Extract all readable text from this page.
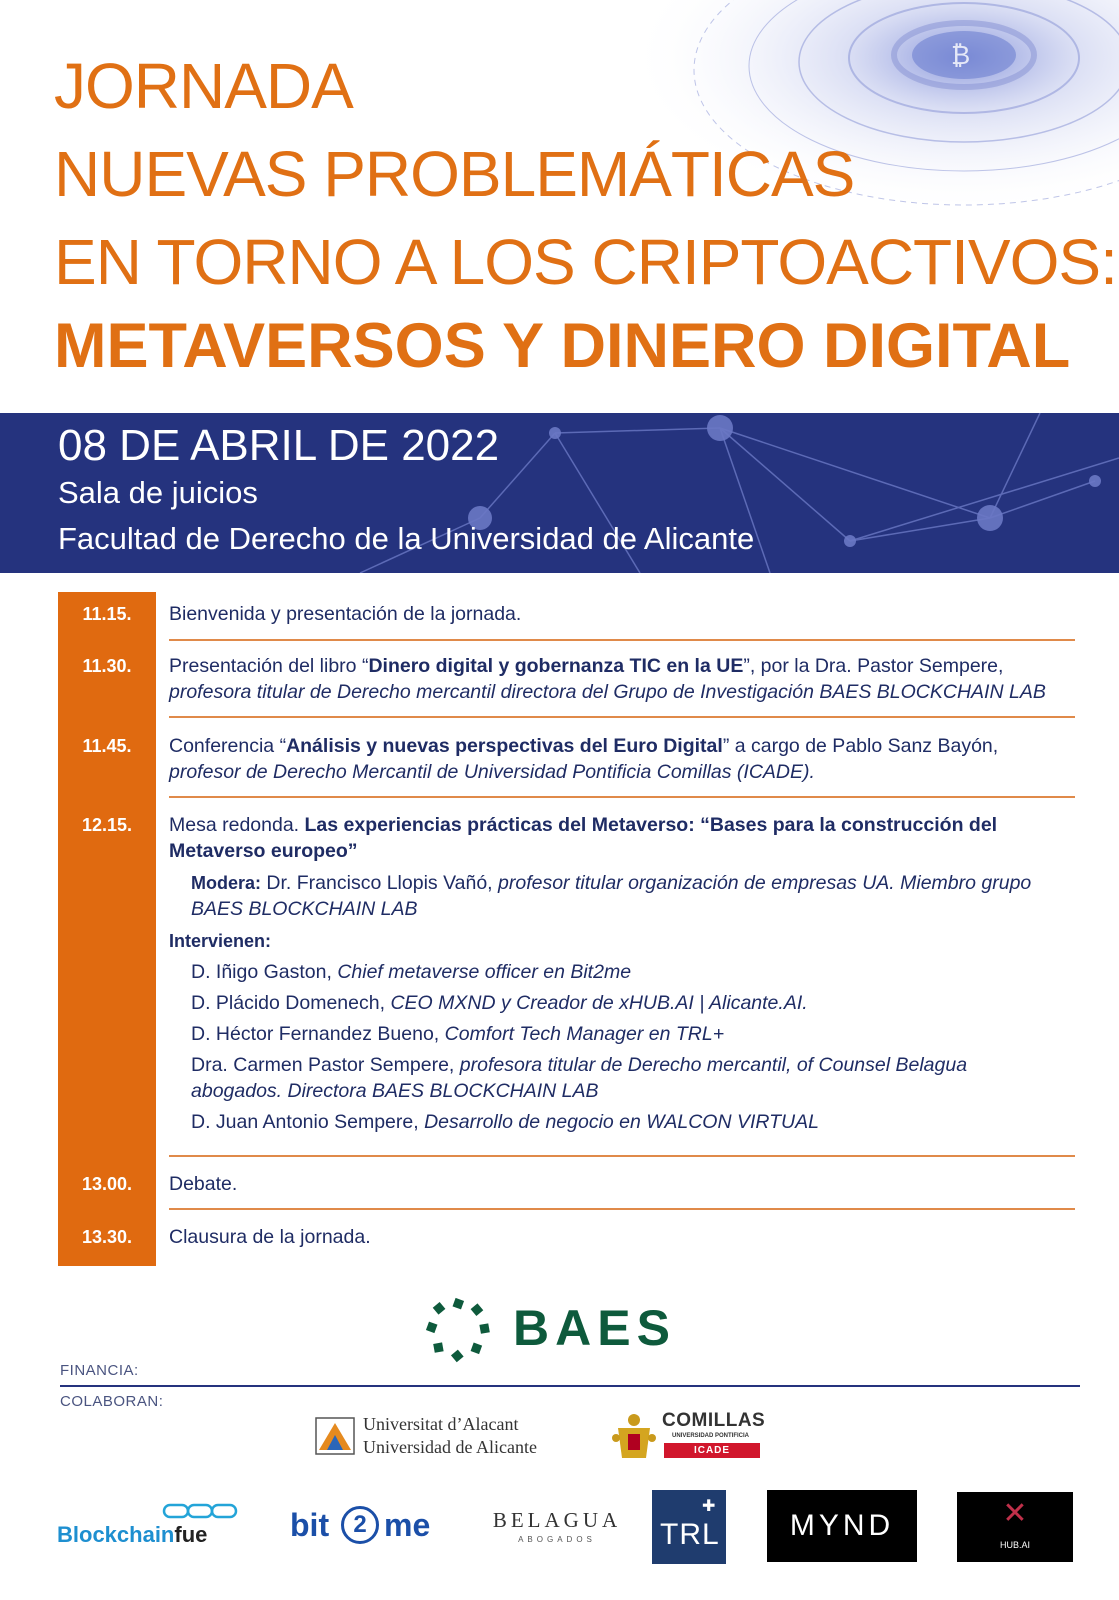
₿
JORNADA
NUEVAS PROBLEMÁTICAS
EN TORNO A LOS CRIPTOACTIVOS:
METAVERSOS Y DINERO DIGITAL
08 DE ABRIL DE 2022
Sala de juicios
Facultad de Derecho de la Universidad de Alicante
11.15.	Bienvenida y presentación de la jornada.
11.30.	Presentación del libro “Dinero digital y gobernanza TIC en la UE”, por la Dra. Pastor Sempere,
profesora titular de Derecho mercantil directora del Grupo de Investigación BAES BLOCKCHAIN LAB
11.45.	Conferencia “Análisis y nuevas perspectivas del Euro Digital” a cargo de Pablo Sanz Bayón,
profesor de Derecho Mercantil de Universidad Pontificia Comillas (ICADE).
12.15.	Mesa redonda. Las experiencias prácticas del Metaverso: “Bases para la construcción del Metaverso europeo”
Modera: Dr. Francisco Llopis Vañó, profesor titular organización de empresas UA. Miembro grupo BAES BLOCKCHAIN LAB
Intervienen:
D. Iñigo Gaston, Chief metaverse officer en Bit2me
D. Plácido Domenech, CEO MXND y Creador de xHUB.AI | Alicante.AI.
D. Héctor Fernandez Bueno, Comfort Tech Manager en TRL+
Dra. Carmen Pastor Sempere, profesora titular de Derecho mercantil, of Counsel Belagua abogados. Directora BAES BLOCKCHAIN LAB
D. Juan Antonio Sempere, Desarrollo de negocio en WALCON VIRTUAL
13.00.	Debate.
13.30.	Clausura de la jornada.
BAES
FINANCIA:
COLABORAN:
Universitat d’Alacant
Universidad de Alicante
COMILLAS
UNIVERSIDAD PONTIFICIA
ICADE
Blockchainfue	bit	2 me	BELAGUA
ABOGADOS	TRL
✚
MYND	✕
HUB.AI
